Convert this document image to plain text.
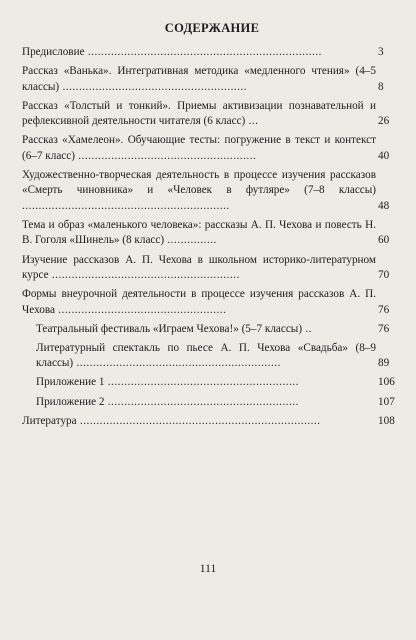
СОДЕРЖАНИЕ
Предисловие .......................................................................	3
Рассказ «Ванька». Интегративная методика «медленного чтения» (4–5 классы) ........................................................	8
Рассказ «Толстый и тонкий». Приемы активизации познавательной и рефлексивной деятельности читателя (6 класс) ...	26
Рассказ «Хамелеон». Обучающие тесты: погружение в текст и контекст (6–7 класс) ......................................................	40
Художественно-творческая деятельность в процессе изучения рассказов «Смерть чиновника» и «Человек в футляре» (7–8 классы) ...............................................................	48
Тема и образ «маленького человека»: рассказы А. П. Чехова и повесть Н. В. Гоголя «Шинель» (8 класс) ...............	60
Изучение рассказов А. П. Чехова в школьном историко-литературном курсе .........................................................	70
Формы внеурочной деятельности в процессе изучения рассказов А. П. Чехова ...................................................	76
Театральный фестиваль «Играем Чехова!» (5–7 классы) ..	76
Литературный спектакль по пьесе А. П. Чехова «Свадьба» (8–9 классы) ..............................................................	89
Приложение 1 ..........................................................	106
Приложение 2 ..........................................................	107
Литература .........................................................................	108
111
